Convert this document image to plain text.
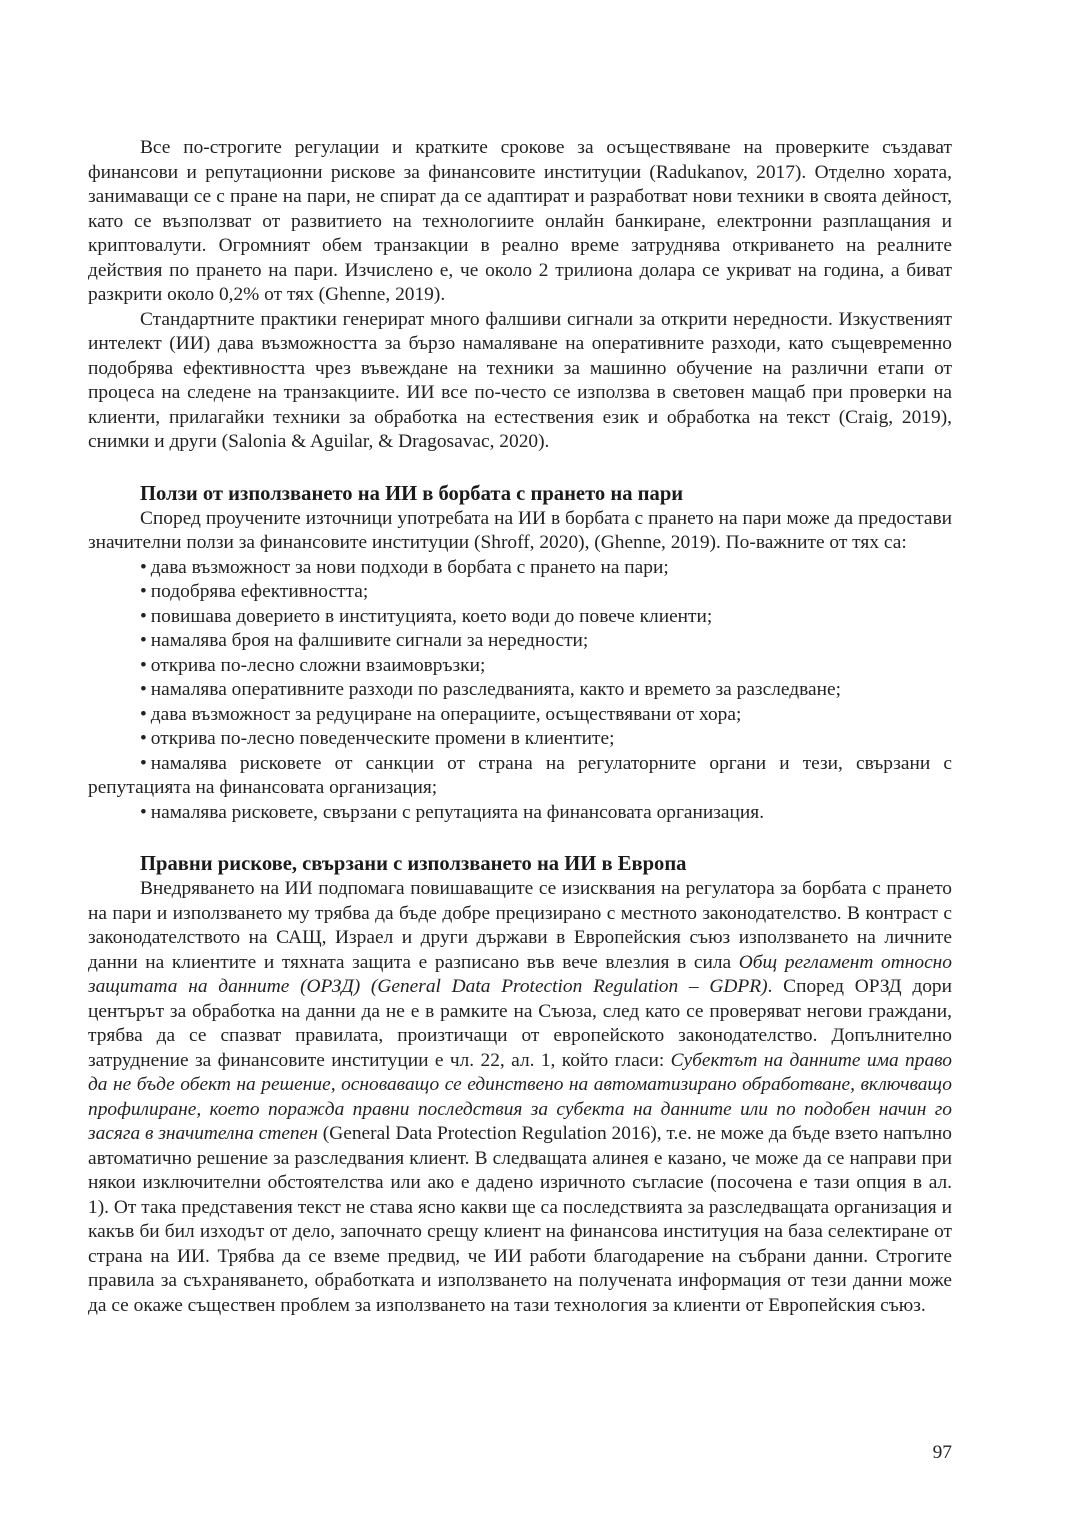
Все по-строгите регулации и кратките срокове за осъществяване на проверките създават финансови и репутационни рискове за финансовите институции (Radukanov, 2017). Отделно хората, занимаващи се с пране на пари, не спират да се адаптират и разработват нови техники в своята дейност, като се възползват от развитието на технологиите онлайн банкиране, електронни разплащания и криптовалути. Огромният обем транзакции в реално време затруднява откриването на реалните действия по прането на пари. Изчислено е, че около 2 трилиона долара се укриват на година, а биват разкрити около 0,2% от тях (Ghenne, 2019).

Стандартните практики генерират много фалшиви сигнали за открити нередности. Изкуственият интелект (ИИ) дава възможността за бързо намаляване на оперативните разходи, като същевременно подобрява ефективността чрез въвеждане на техники за машинно обучение на различни етапи от процеса на следене на транзакциите. ИИ все по-често се използва в световен мащаб при проверки на клиенти, прилагайки техники за обработка на естествения език и обработка на текст (Craig, 2019), снимки и други (Salonia & Aguilar, & Dragosavac, 2020).

Ползи от използването на ИИ в борбата с прането на пари

Според проучените източници употребата на ИИ в борбата с прането на пари може да предостави значителни ползи за финансовите институции (Shroff, 2020), (Ghenne, 2019). По-важните от тях са:

• дава възможност за нови подходи в борбата с прането на пари;
• подобрява ефективността;
• повишава доверието в институцията, което води до повече клиенти;
• намалява броя на фалшивите сигнали за нередности;
• открива по-лесно сложни взаимовръзки;
• намалява оперативните разходи по разследванията, както и времето за разследване;
• дава възможност за редуциране на операциите, осъществявани от хора;
• открива по-лесно поведенческите промени в клиентите;
• намалява рисковете от санкции от страна на регулаторните органи и тези, свързани с репутацията на финансовата организация;
• намалява рисковете, свързани с репутацията на финансовата организация.
Правни рискове, свързани с използването на ИИ в Европа

Внедряването на ИИ подпомага повишаващите се изисквания на регулатора за борбата с прането на пари и използването му трябва да бъде добре прецизирано с местното законодателство. В контраст с законодателството на САЩ, Израел и други държави в Европейския съюз използването на личните данни на клиентите и тяхната защита е разписано във вече влезлия в сила Общ регламент относно защитата на данните (ОРЗД) (General Data Protection Regulation – GDPR). Според ОРЗД дори центърът за обработка на данни да не е в рамките на Съюза, след като се проверяват негови граждани, трябва да се спазват правилата, произтичащи от европейското законодателство. Допълнително затруднение за финансовите институции е чл. 22, ал. 1, който гласи: Субектът на данните има право да не бъде обект на решение, основаващо се единствено на автоматизирано обработване, включващо профилиране, което поражда правни последствия за субекта на данните или по подобен начин го засяга в значителна степен (General Data Protection Regulation 2016), т.е. не може да бъде взето напълно автоматично решение за разследвания клиент. В следващата алинея е казано, че може да се направи при някои изключителни обстоятелства или ако е дадено изричното съгласие (посочена е тази опция в ал. 1). От така представения текст не става ясно какви ще са последствията за разследващата организация и какъв би бил изходът от дело, започнато срещу клиент на финансова институция на база селектиране от страна на ИИ. Трябва да се вземе предвид, че ИИ работи благодарение на събрани данни. Строгите правила за съхраняването, обработката и използването на получената информация от тези данни може да се окаже съществен проблем за използването на тази технология за клиенти от Европейския съюз.

97
